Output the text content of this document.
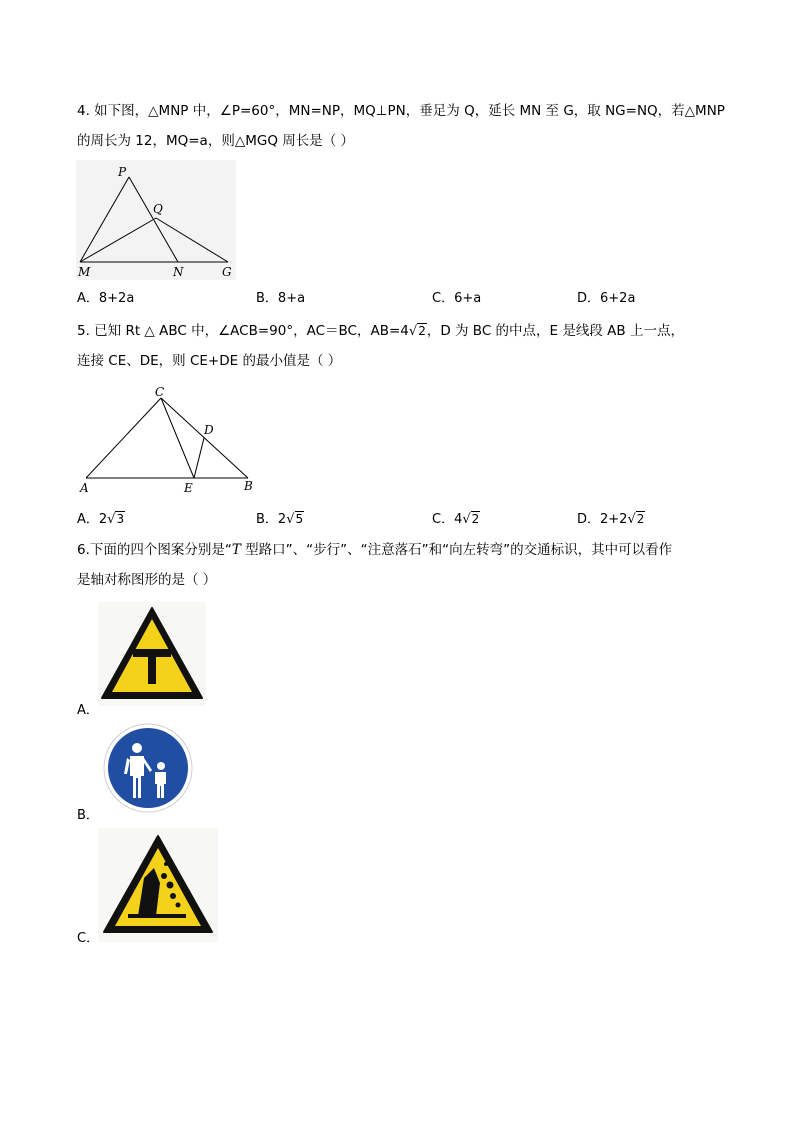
4. 如下图，△MNP 中，∠P=60°，MN=NP，MQ⊥PN，垂足为 Q，延长 MN 至 G，取 NG=NQ，若△MNP
的周长为 12，MQ=a，则△MGQ 周长是（ ）
P
Q
M	N	G
A．8+2a	B．8+a	C．6+a	D．6+2a
5. 已知 Rt △ ABC 中，∠ACB=90°，AC＝BC，AB=4√2，D 为 BC 的中点，E 是线段 AB 上一点，
连接 CE、DE，则 CE+DE 的最小值是（ ）
C
D
A	E	B
A．2√3	B．2√5	C．4√2	D．2+2√2
6.下面的四个图案分别是“T 型路口”、“步行”、“注意落石”和“向左转弯”的交通标识，其中可以看作
是轴对称图形的是（ ）
A．
B．
C．
